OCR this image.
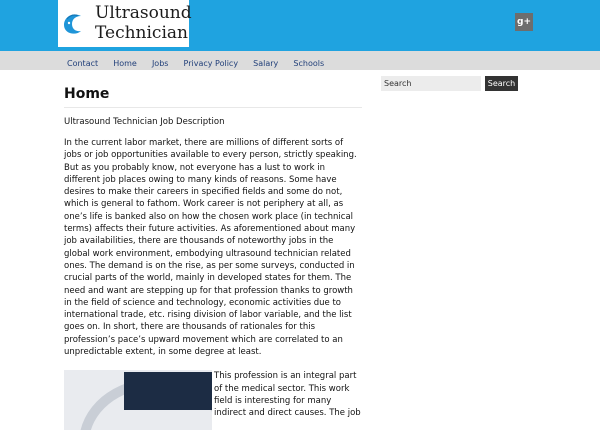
Ultrasound Technician
g+
Contact Home Jobs Privacy Policy Salary Schools
Home
Ultrasound Technician Job Description

In the current labor market, there are millions of different sorts of jobs or job opportunities available to every person, strictly speaking. But as you probably know, not everyone has a lust to work in different job places owing to many kinds of reasons. Some have desires to make their careers in specified fields and some do not, which is general to fathom. Work career is not periphery at all, as one’s life is banked also on how the chosen work place (in technical terms) affects their future activities. As aforementioned about many job availabilities, there are thousands of noteworthy jobs in the global work environment, embodying ultrasound technician related ones. The demand is on the rise, as per some surveys, conducted in crucial parts of the world, mainly in developed states for them. The need and want are stepping up for that profession thanks to growth in the field of science and technology, economic activities due to international trade, etc. rising division of labor variable, and the list goes on. In short, there are thousands of rationales for this profession’s pace’s upward movement which are correlated to an unpredictable extent, in some degree at least.

This profession is an integral part of the medical sector. This work field is interesting for many indirect and direct causes. The job

Search
Search
